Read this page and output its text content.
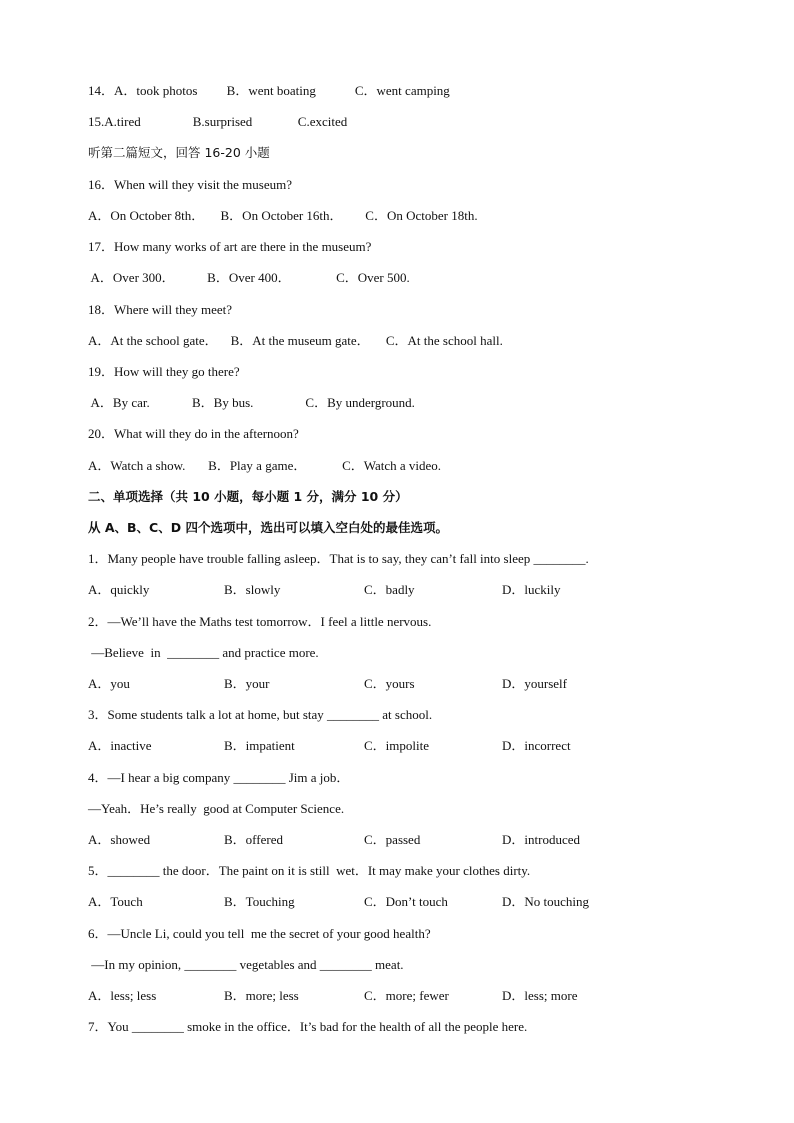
14．A．took photos         B．went boating            C．went camping
15.A.tired                B.surprised              C.excited
听第二篇短文，回答 16-20 小题
16．When will they visit the museum?
A．On October 8th．     B．On October 16th．       C．On October 18th.
17．How many works of art are there in the museum?
A．Over 300．          B．Over 400．              C．Over 500.
18．Where will they meet?
A．At the school gate．    B．At the museum gate．     C．At the school hall.
19．How will they go there?
A．By car.             B．By bus.                C．By underground.
20．What will they do in the afternoon?
A．Watch a show.       B．Play a game．           C．Watch a video.
二、单项选择（共 10 小题，每小题 1 分，满分 10 分）
从 A、B、C、D 四个选项中，选出可以填入空白处的最佳选项。
1．Many people have trouble falling asleep．That is to say, they can’t fall into sleep ________.
A．quickly	B．slowly	C．badly	D．luckily
2．—We’ll have the Maths test tomorrow．I feel a little nervous.
—Believe  in  ________ and practice more.
A．you	B．your	C．yours	D．yourself
3．Some students talk a lot at home, but stay ________ at school.
A．inactive	B．impatient	C．impolite	D．incorrect
4．—I hear a big company ________ Jim a job．
—Yeah．He’s really  good at Computer Science.
A．showed	B．offered	C．passed	D．introduced
5．________ the door．The paint on it is still  wet．It may make your clothes dirty.
A．Touch	B．Touching	C．Don’t touch	D．No touching
6．—Uncle Li, could you tell  me the secret of your good health?
—In my opinion, ________ vegetables and ________ meat.
A．less; less	B．more; less	C．more; fewer	D．less; more
7．You ________ smoke in the office．It’s bad for the health of all the people here.
